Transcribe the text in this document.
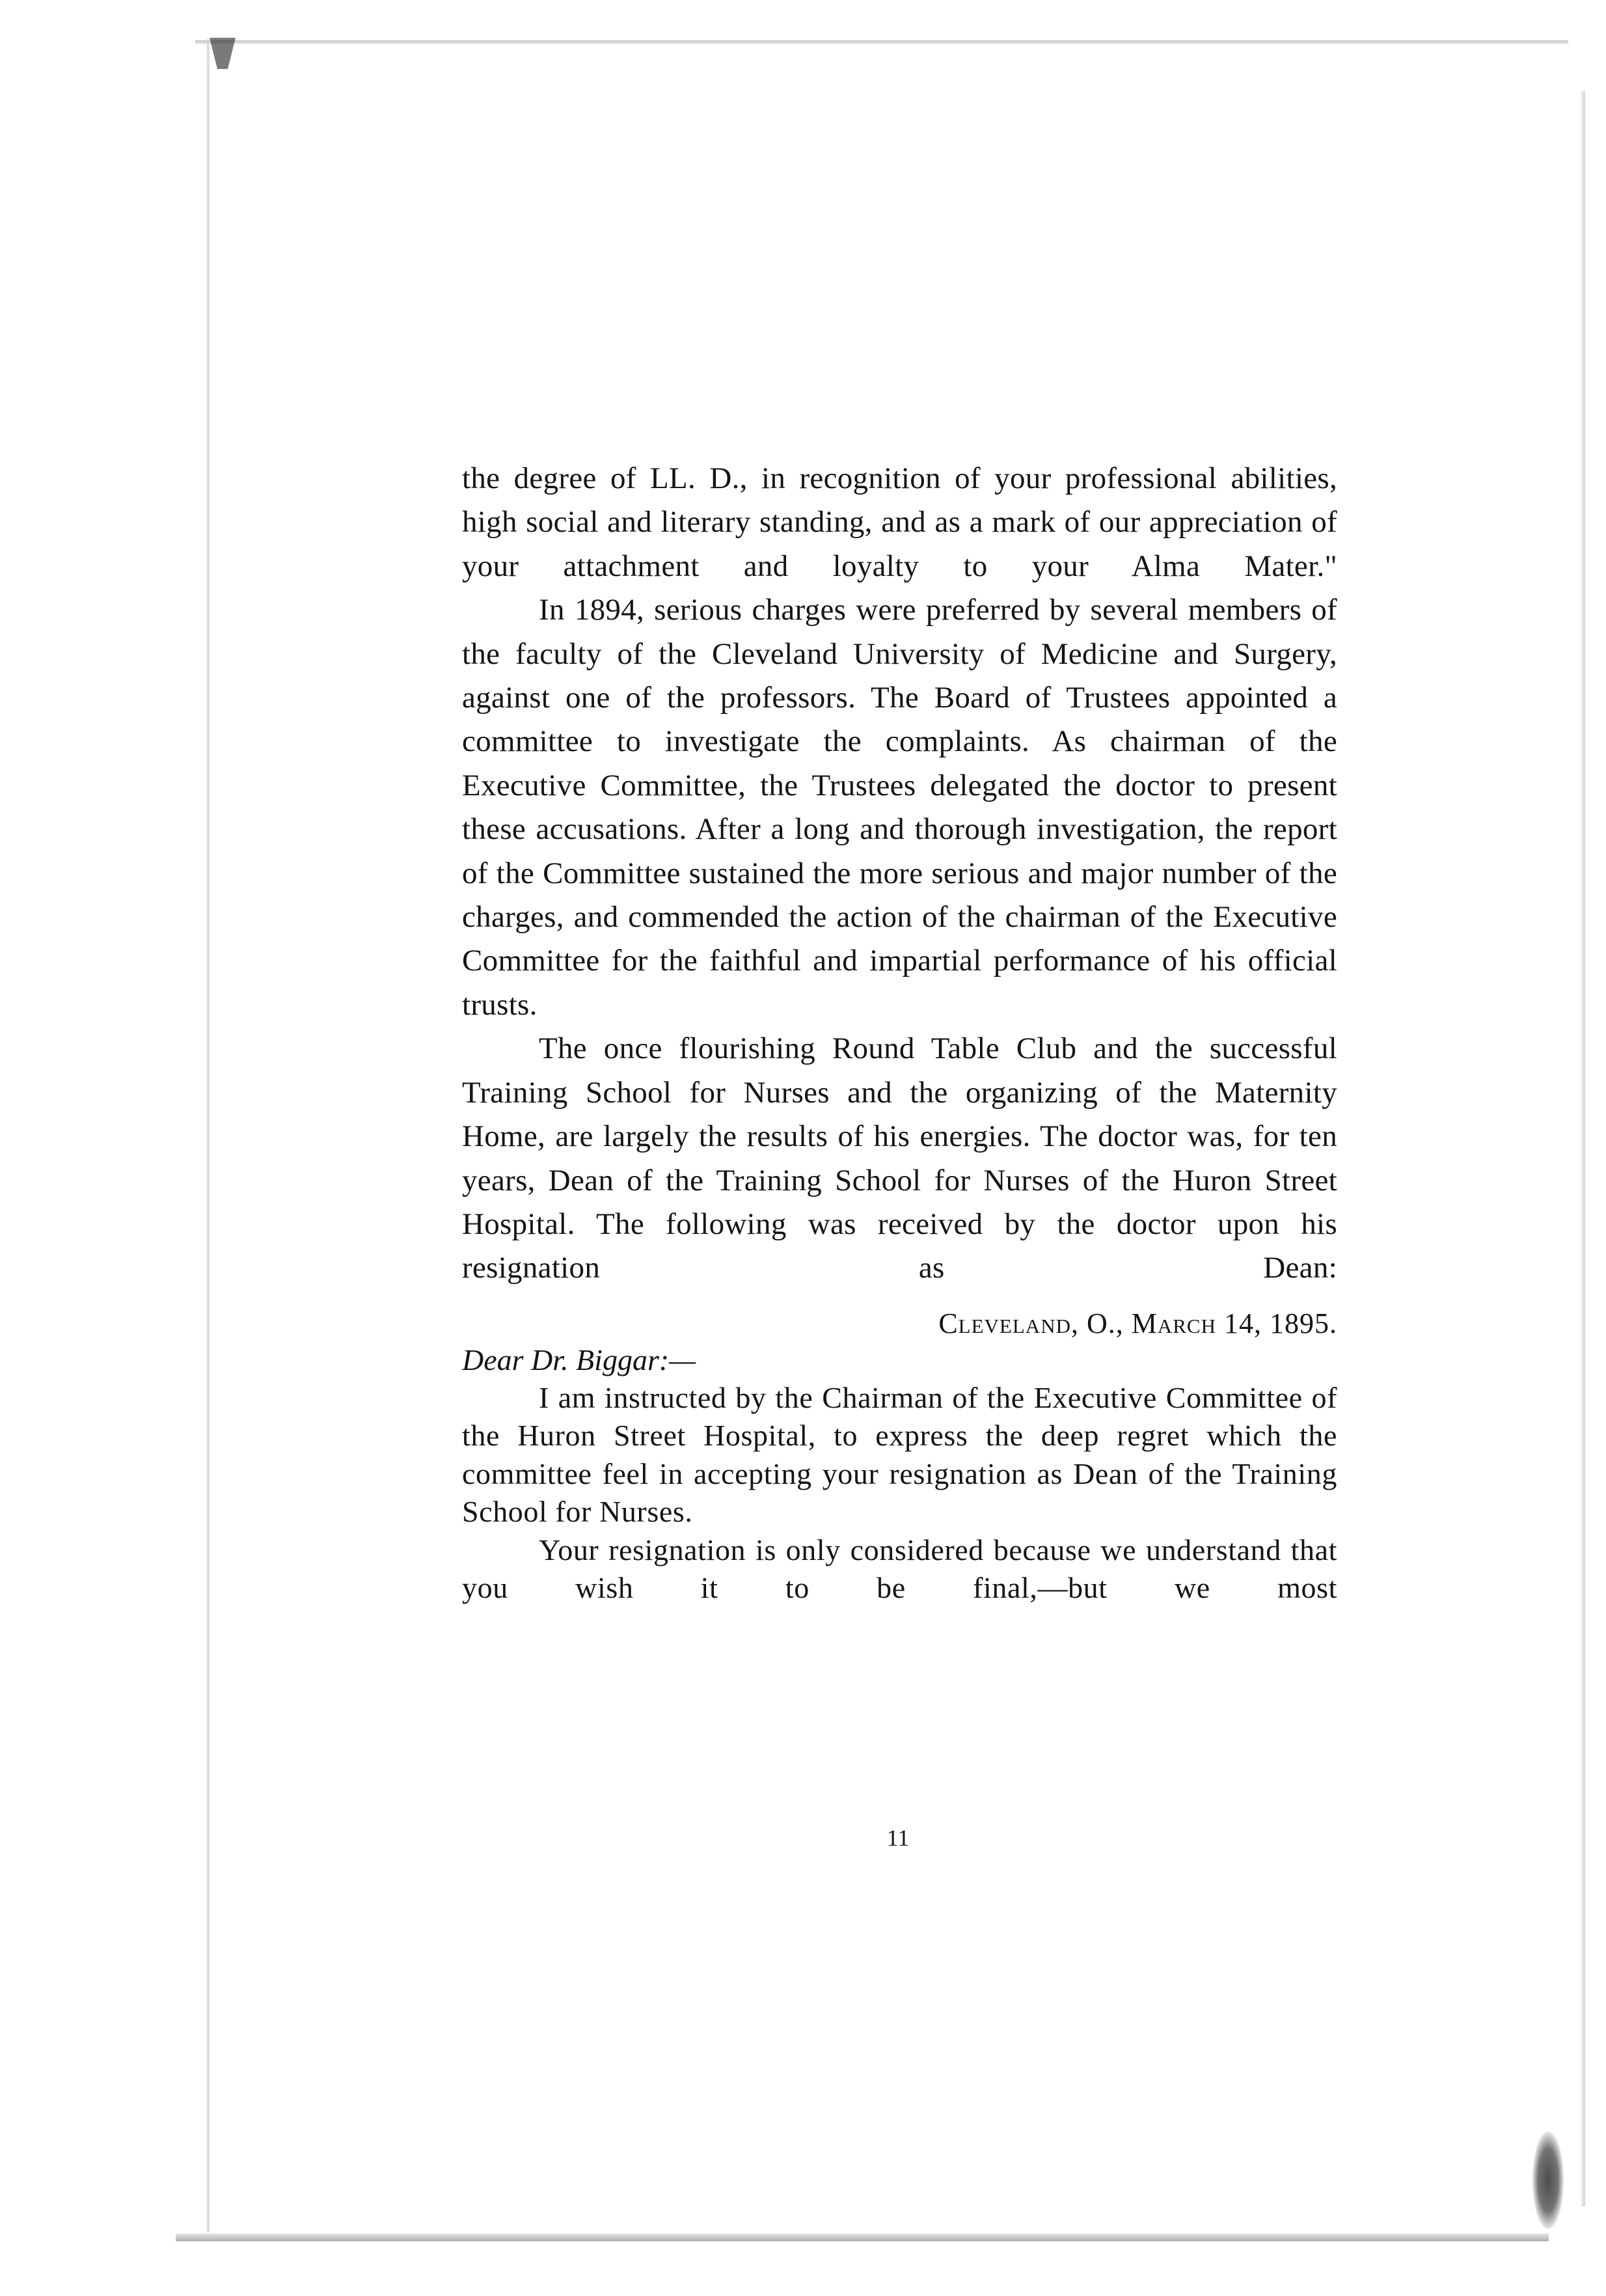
the degree of LL. D., in recognition of your professional abilities, high social and literary standing, and as a mark of our appreciation of your attachment and loyalty to your Alma Mater."

In 1894, serious charges were preferred by several members of the faculty of the Cleveland University of Medicine and Surgery, against one of the professors. The Board of Trustees appointed a committee to investigate the complaints. As chairman of the Executive Committee, the Trustees delegated the doctor to present these accusations. After a long and thorough investigation, the report of the Committee sustained the more serious and major number of the charges, and commended the action of the chairman of the Executive Committee for the faithful and impartial performance of his official trusts.

The once flourishing Round Table Club and the successful Training School for Nurses and the organizing of the Maternity Home, are largely the results of his energies. The doctor was, for ten years, Dean of the Training School for Nurses of the Huron Street Hospital. The following was received by the doctor upon his resignation as Dean:

Cleveland, O., March 14, 1895.
Dear Dr. Biggar:—

I am instructed by the Chairman of the Executive Committee of the Huron Street Hospital, to express the deep regret which the committee feel in accepting your resignation as Dean of the Training School for Nurses.

Your resignation is only considered because we understand that you wish it to be final,—but we most

11
